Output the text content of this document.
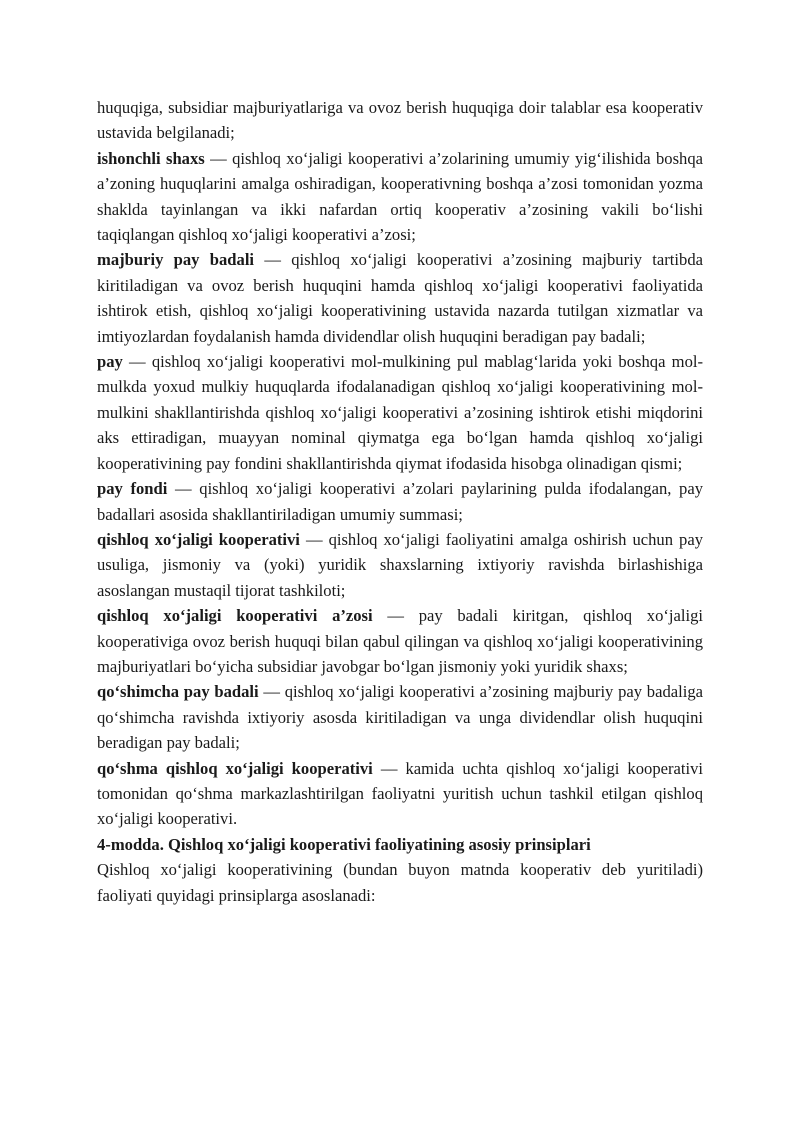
huquqiga, subsidiar majburiyatlariga va ovoz berish huquqiga doir talablar esa kooperativ ustavida belgilanadi;

ishonchli shaxs — qishloq xo‘jaligi kooperativi a’zolarining umumiy yig‘ilishida boshqa a’zoning huquqlarini amalga oshiradigan, kooperativning boshqa a’zosi tomonidan yozma shaklda tayinlangan va ikki nafardan ortiq kooperativ a’zosining vakili bo‘lishi taqiqlangan qishloq xo‘jaligi kooperativi a’zosi;

majburiy pay badali — qishloq xo‘jaligi kooperativi a’zosining majburiy tartibda kiritiladigan va ovoz berish huquqini hamda qishloq xo‘jaligi kooperativi faoliyatida ishtirok etish, qishloq xo‘jaligi kooperativining ustavida nazarda tutilgan xizmatlar va imtiyozlardan foydalanish hamda dividendlar olish huquqini beradigan pay badali;

pay — qishloq xo‘jaligi kooperativi mol-mulkining pul mablag‘larida yoki boshqa mol-mulkda yoxud mulkiy huquqlarda ifodalanadigan qishloq xo‘jaligi kooperativining mol-mulkini shakllantirishda qishloq xo‘jaligi kooperativi a’zosining ishtirok etishi miqdorini aks ettiradigan, muayyan nominal qiymatga ega bo‘lgan hamda qishloq xo‘jaligi kooperativining pay fondini shakllantirishda qiymat ifodasida hisobga olinadigan qismi;

pay fondi — qishloq xo‘jaligi kooperativi a’zolari paylarining pulda ifodalangan, pay badallari asosida shakllantiriladigan umumiy summasi;

qishloq xo‘jaligi kooperativi — qishloq xo‘jaligi faoliyatini amalga oshirish uchun pay usuliga, jismoniy va (yoki) yuridik shaxslarning ixtiyoriy ravishda birlashishiga asoslangan mustaqil tijorat tashkiloti;

qishloq xo‘jaligi kooperativi a’zosi — pay badali kiritgan, qishloq xo‘jaligi kooperativiga ovoz berish huquqi bilan qabul qilingan va qishloq xo‘jaligi kooperativining majburiyatlari bo‘yicha subsidiar javobgar bo‘lgan jismoniy yoki yuridik shaxs;

qo‘shimcha pay badali — qishloq xo‘jaligi kooperativi a’zosining majburiy pay badaliga qo‘shimcha ravishda ixtiyoriy asosda kiritiladigan va unga dividendlar olish huquqini beradigan pay badali;

qo‘shma qishloq xo‘jaligi kooperativi — kamida uchta qishloq xo‘jaligi kooperativi tomonidan qo‘shma markazlashtirilgan faoliyatni yuritish uchun tashkil etilgan qishloq xo‘jaligi kooperativi.

4-modda. Qishloq xo‘jaligi kooperativi faoliyatining asosiy prinsiplari

Qishloq xo‘jaligi kooperativining (bundan buyon matnda kooperativ deb yuritiladi) faoliyati quyidagi prinsiplarga asoslanadi:
